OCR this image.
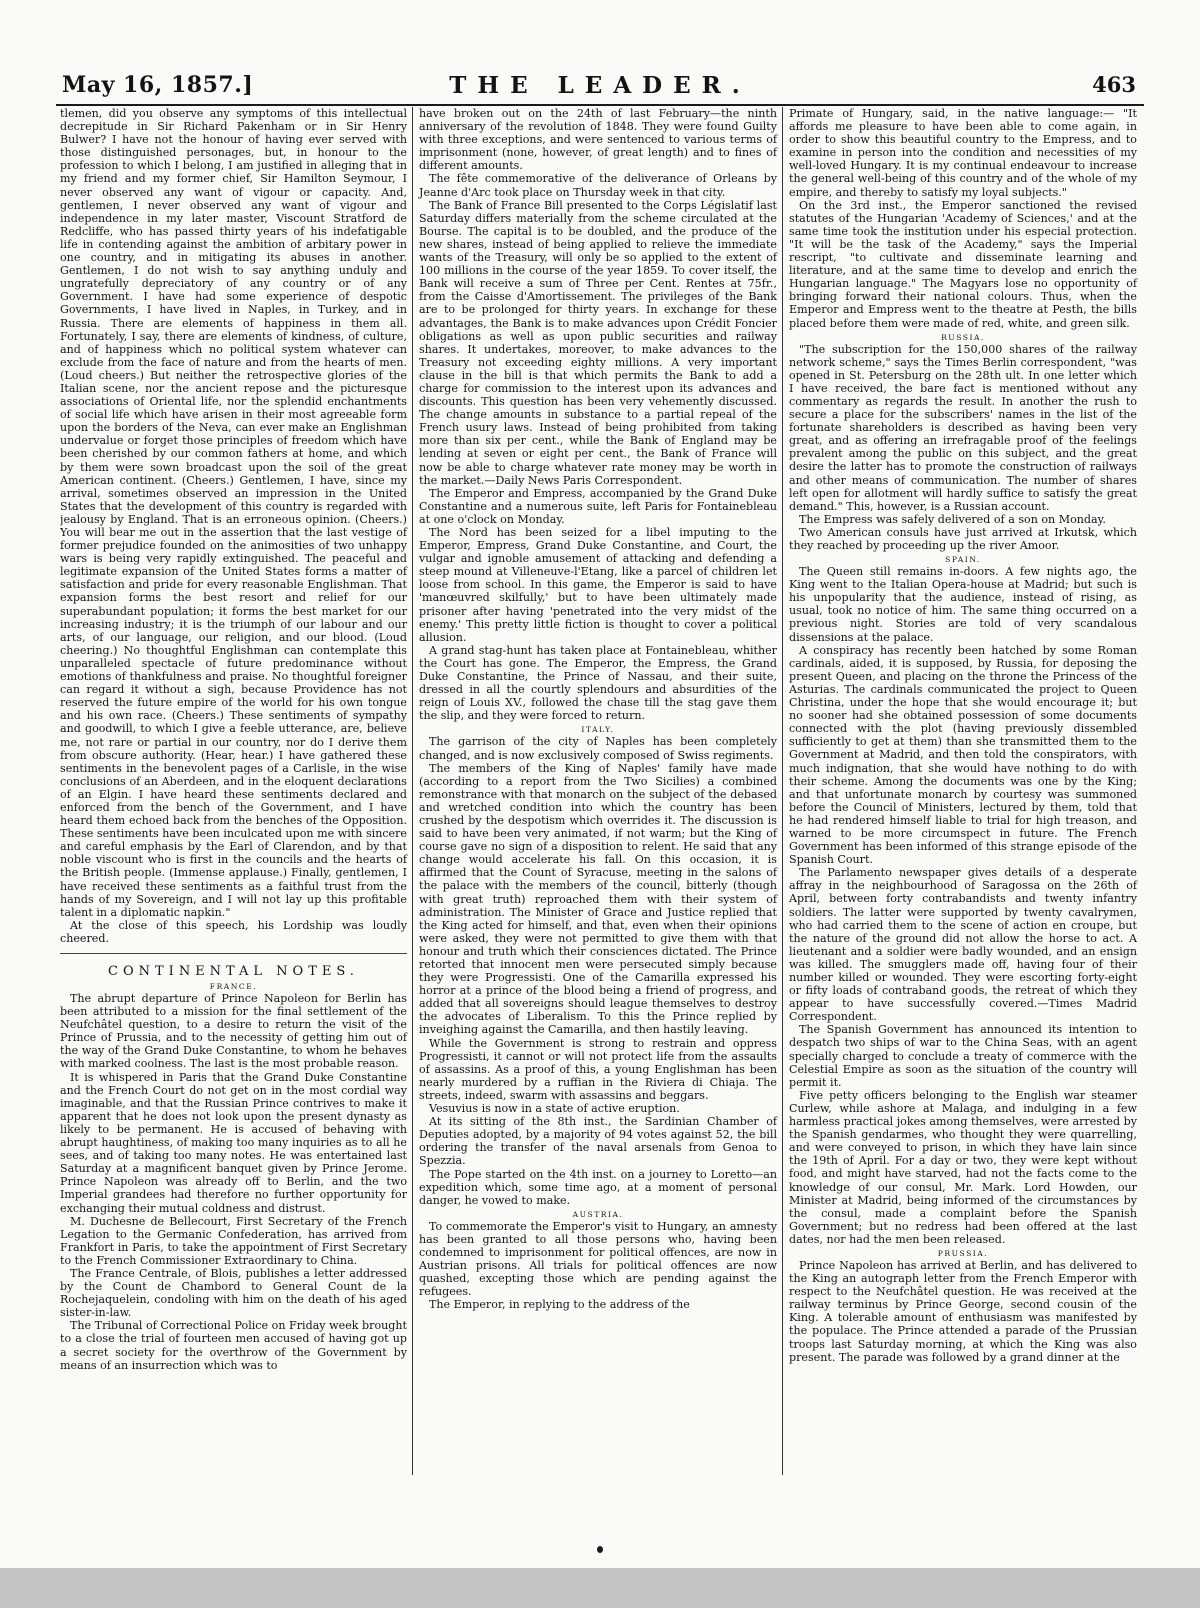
May 16, 1857.]	THE LEADER.	463

tlemen, did you observe any symptoms of this intellectual decrepitude in Sir Richard Pakenham or in Sir Henry Bulwer? I have not the honour of having ever served with those distinguished personages, but, in honour to the profession to which I belong, I am justified in alleging that in my friend and my former chief, Sir Hamilton Seymour, I never observed any want of vigour or capacity. And, gentlemen, I never observed any want of vigour and independence in my later master, Viscount Stratford de Redcliffe, who has passed thirty years of his indefatigable life in contending against the ambition of arbitary power in one country, and in mitigating its abuses in another. Gentlemen, I do not wish to say anything unduly and ungratefully depreciatory of any country or of any Government. I have had some experience of despotic Governments, I have lived in Naples, in Turkey, and in Russia. There are elements of happiness in them all. Fortunately, I say, there are elements of kindness, of culture, and of happiness which no political system whatever can exclude from the face of nature and from the hearts of men. (Loud cheers.) But neither the retrospective glories of the Italian scene, nor the ancient repose and the picturesque associations of Oriental life, nor the splendid enchantments of social life which have arisen in their most agreeable form upon the borders of the Neva, can ever make an Englishman undervalue or forget those principles of freedom which have been cherished by our common fathers at home, and which by them were sown broadcast upon the soil of the great American continent. (Cheers.) Gentlemen, I have, since my arrival, sometimes observed an impression in the United States that the development of this country is regarded with jealousy by England. That is an erroneous opinion. (Cheers.) You will bear me out in the assertion that the last vestige of former prejudice founded on the animosities of two unhappy wars is being very rapidly extinguished. The peaceful and legitimate expansion of the United States forms a matter of satisfaction and pride for every reasonable Englishman. That expansion forms the best resort and relief for our superabundant population; it forms the best market for our increasing industry; it is the triumph of our labour and our arts, of our language, our religion, and our blood. (Loud cheering.) No thoughtful Englishman can contemplate this unparalleled spectacle of future predominance without emotions of thankfulness and praise. No thoughtful foreigner can regard it without a sigh, because Providence has not reserved the future empire of the world for his own tongue and his own race. (Cheers.) These sentiments of sympathy and goodwill, to which I give a feeble utterance, are, believe me, not rare or partial in our country, nor do I derive them from obscure authority. (Hear, hear.) I have gathered these sentiments in the benevolent pages of a Carlisle, in the wise conclusions of an Aberdeen, and in the eloquent declarations of an Elgin. I have heard these sentiments declared and enforced from the bench of the Government, and I have heard them echoed back from the benches of the Opposition. These sentiments have been inculcated upon me with sincere and careful emphasis by the Earl of Clarendon, and by that noble viscount who is first in the councils and the hearts of the British people. (Immense applause.) Finally, gentlemen, I have received these sentiments as a faithful trust from the hands of my Sovereign, and I will not lay up this profitable talent in a diplomatic napkin."

At the close of this speech, his Lordship was loudly cheered.

CONTINENTAL NOTES.
FRANCE.

The abrupt departure of Prince Napoleon for Berlin has been attributed to a mission for the final settlement of the Neufchâtel question, to a desire to return the visit of the Prince of Prussia, and to the necessity of getting him out of the way of the Grand Duke Constantine, to whom he behaves with marked coolness. The last is the most probable reason.

It is whispered in Paris that the Grand Duke Constantine and the French Court do not get on in the most cordial way imaginable, and that the Russian Prince contrives to make it apparent that he does not look upon the present dynasty as likely to be permanent. He is accused of behaving with abrupt haughtiness, of making too many inquiries as to all he sees, and of taking too many notes. He was entertained last Saturday at a magnificent banquet given by Prince Jerome. Prince Napoleon was already off to Berlin, and the two Imperial grandees had therefore no further opportunity for exchanging their mutual coldness and distrust.

M. Duchesne de Bellecourt, First Secretary of the French Legation to the Germanic Confederation, has arrived from Frankfort in Paris, to take the appointment of First Secretary to the French Commissioner Extraordinary to China.

The France Centrale, of Blois, publishes a letter addressed by the Count de Chambord to General Count de la Rochejaquelein, condoling with him on the death of his aged sister-in-law.

The Tribunal of Correctional Police on Friday week brought to a close the trial of fourteen men accused of having got up a secret society for the overthrow of the Government by means of an insurrection which was to

have broken out on the 24th of last February—the ninth anniversary of the revolution of 1848. They were found Guilty with three exceptions, and were sentenced to various terms of imprisonment (none, however, of great length) and to fines of different amounts.

The fête commemorative of the deliverance of Orleans by Jeanne d'Arc took place on Thursday week in that city.

The Bank of France Bill presented to the Corps Législatif last Saturday differs materially from the scheme circulated at the Bourse. The capital is to be doubled, and the produce of the new shares, instead of being applied to relieve the immediate wants of the Treasury, will only be so applied to the extent of 100 millions in the course of the year 1859. To cover itself, the Bank will receive a sum of Three per Cent. Rentes at 75fr., from the Caisse d'Amortissement. The privileges of the Bank are to be prolonged for thirty years. In exchange for these advantages, the Bank is to make advances upon Crédit Foncier obligations as well as upon public securities and railway shares. It undertakes, moreover, to make advances to the Treasury not exceeding eighty millions. A very important clause in the bill is that which permits the Bank to add a charge for commission to the interest upon its advances and discounts. This question has been very vehemently discussed. The change amounts in substance to a partial repeal of the French usury laws. Instead of being prohibited from taking more than six per cent., while the Bank of England may be lending at seven or eight per cent., the Bank of France will now be able to charge whatever rate money may be worth in the market.—Daily News Paris Correspondent.

The Emperor and Empress, accompanied by the Grand Duke Constantine and a numerous suite, left Paris for Fontainebleau at one o'clock on Monday.

The Nord has been seized for a libel imputing to the Emperor, Empress, Grand Duke Constantine, and Court, the vulgar and ignoble amusement of attacking and defending a steep mound at Villeneuve-l'Etang, like a parcel of children let loose from school. In this game, the Emperor is said to have 'manœuvred skilfully,' but to have been ultimately made prisoner after having 'penetrated into the very midst of the enemy.' This pretty little fiction is thought to cover a political allusion.

A grand stag-hunt has taken place at Fontainebleau, whither the Court has gone. The Emperor, the Empress, the Grand Duke Constantine, the Prince of Nassau, and their suite, dressed in all the courtly splendours and absurdities of the reign of Louis XV., followed the chase till the stag gave them the slip, and they were forced to return.

ITALY.

The garrison of the city of Naples has been completely changed, and is now exclusively composed of Swiss regiments.

The members of the King of Naples' family have made (according to a report from the Two Sicilies) a combined remonstrance with that monarch on the subject of the debased and wretched condition into which the country has been crushed by the despotism which overrides it. The discussion is said to have been very animated, if not warm; but the King of course gave no sign of a disposition to relent. He said that any change would accelerate his fall. On this occasion, it is affirmed that the Count of Syracuse, meeting in the salons of the palace with the members of the council, bitterly (though with great truth) reproached them with their system of administration. The Minister of Grace and Justice replied that the King acted for himself, and that, even when their opinions were asked, they were not permitted to give them with that honour and truth which their consciences dictated. The Prince retorted that innocent men were persecuted simply because they were Progressisti. One of the Camarilla expressed his horror at a prince of the blood being a friend of progress, and added that all sovereigns should league themselves to destroy the advocates of Liberalism. To this the Prince replied by inveighing against the Camarilla, and then hastily leaving.

While the Government is strong to restrain and oppress Progressisti, it cannot or will not protect life from the assaults of assassins. As a proof of this, a young Englishman has been nearly murdered by a ruffian in the Riviera di Chiaja. The streets, indeed, swarm with assassins and beggars.

Vesuvius is now in a state of active eruption.

At its sitting of the 8th inst., the Sardinian Chamber of Deputies adopted, by a majority of 94 votes against 52, the bill ordering the transfer of the naval arsenals from Genoa to Spezzia.

The Pope started on the 4th inst. on a journey to Loretto—an expedition which, some time ago, at a moment of personal danger, he vowed to make.

AUSTRIA.

To commemorate the Emperor's visit to Hungary, an amnesty has been granted to all those persons who, having been condemned to imprisonment for political offences, are now in Austrian prisons. All trials for political offences are now quashed, excepting those which are pending against the refugees.

The Emperor, in replying to the address of the

Primate of Hungary, said, in the native language:— "It affords me pleasure to have been able to come again, in order to show this beautiful country to the Empress, and to examine in person into the condition and necessities of my well-loved Hungary. It is my continual endeavour to increase the general well-being of this country and of the whole of my empire, and thereby to satisfy my loyal subjects."

On the 3rd inst., the Emperor sanctioned the revised statutes of the Hungarian 'Academy of Sciences,' and at the same time took the institution under his especial protection. "It will be the task of the Academy," says the Imperial rescript, "to cultivate and disseminate learning and literature, and at the same time to develop and enrich the Hungarian language." The Magyars lose no opportunity of bringing forward their national colours. Thus, when the Emperor and Empress went to the theatre at Pesth, the bills placed before them were made of red, white, and green silk.

RUSSIA.

"The subscription for the 150,000 shares of the railway network scheme," says the Times Berlin correspondent, "was opened in St. Petersburg on the 28th ult. In one letter which I have received, the bare fact is mentioned without any commentary as regards the result. In another the rush to secure a place for the subscribers' names in the list of the fortunate shareholders is described as having been very great, and as offering an irrefragable proof of the feelings prevalent among the public on this subject, and the great desire the latter has to promote the construction of railways and other means of communication. The number of shares left open for allotment will hardly suffice to satisfy the great demand." This, however, is a Russian account.

The Empress was safely delivered of a son on Monday.

Two American consuls have just arrived at Irkutsk, which they reached by proceeding up the river Amoor.

SPAIN.

The Queen still remains in-doors. A few nights ago, the King went to the Italian Opera-house at Madrid; but such is his unpopularity that the audience, instead of rising, as usual, took no notice of him. The same thing occurred on a previous night. Stories are told of very scandalous dissensions at the palace.

A conspiracy has recently been hatched by some Roman cardinals, aided, it is supposed, by Russia, for deposing the present Queen, and placing on the throne the Princess of the Asturias. The cardinals communicated the project to Queen Christina, under the hope that she would encourage it; but no sooner had she obtained possession of some documents connected with the plot (having previously dissembled sufficiently to get at them) than she transmitted them to the Government at Madrid, and then told the conspirators, with much indignation, that she would have nothing to do with their scheme. Among the documents was one by the King; and that unfortunate monarch by courtesy was summoned before the Council of Ministers, lectured by them, told that he had rendered himself liable to trial for high treason, and warned to be more circumspect in future. The French Government has been informed of this strange episode of the Spanish Court.

The Parlamento newspaper gives details of a desperate affray in the neighbourhood of Saragossa on the 26th of April, between forty contrabandists and twenty infantry soldiers. The latter were supported by twenty cavalrymen, who had carried them to the scene of action en croupe, but the nature of the ground did not allow the horse to act. A lieutenant and a soldier were badly wounded, and an ensign was killed. The smugglers made off, having four of their number killed or wounded. They were escorting forty-eight or fifty loads of contraband goods, the retreat of which they appear to have successfully covered.—Times Madrid Correspondent.

The Spanish Government has announced its intention to despatch two ships of war to the China Seas, with an agent specially charged to conclude a treaty of commerce with the Celestial Empire as soon as the situation of the country will permit it.

Five petty officers belonging to the English war steamer Curlew, while ashore at Malaga, and indulging in a few harmless practical jokes among themselves, were arrested by the Spanish gendarmes, who thought they were quarrelling, and were conveyed to prison, in which they have lain since the 19th of April. For a day or two, they were kept without food, and might have starved, had not the facts come to the knowledge of our consul, Mr. Mark. Lord Howden, our Minister at Madrid, being informed of the circumstances by the consul, made a complaint before the Spanish Government; but no redress had been offered at the last dates, nor had the men been released.

PRUSSIA.

Prince Napoleon has arrived at Berlin, and has delivered to the King an autograph letter from the French Emperor with respect to the Neufchâtel question. He was received at the railway terminus by Prince George, second cousin of the King. A tolerable amount of enthusiasm was manifested by the populace. The Prince attended a parade of the Prussian troops last Saturday morning, at which the King was also present. The parade was followed by a grand dinner at the
